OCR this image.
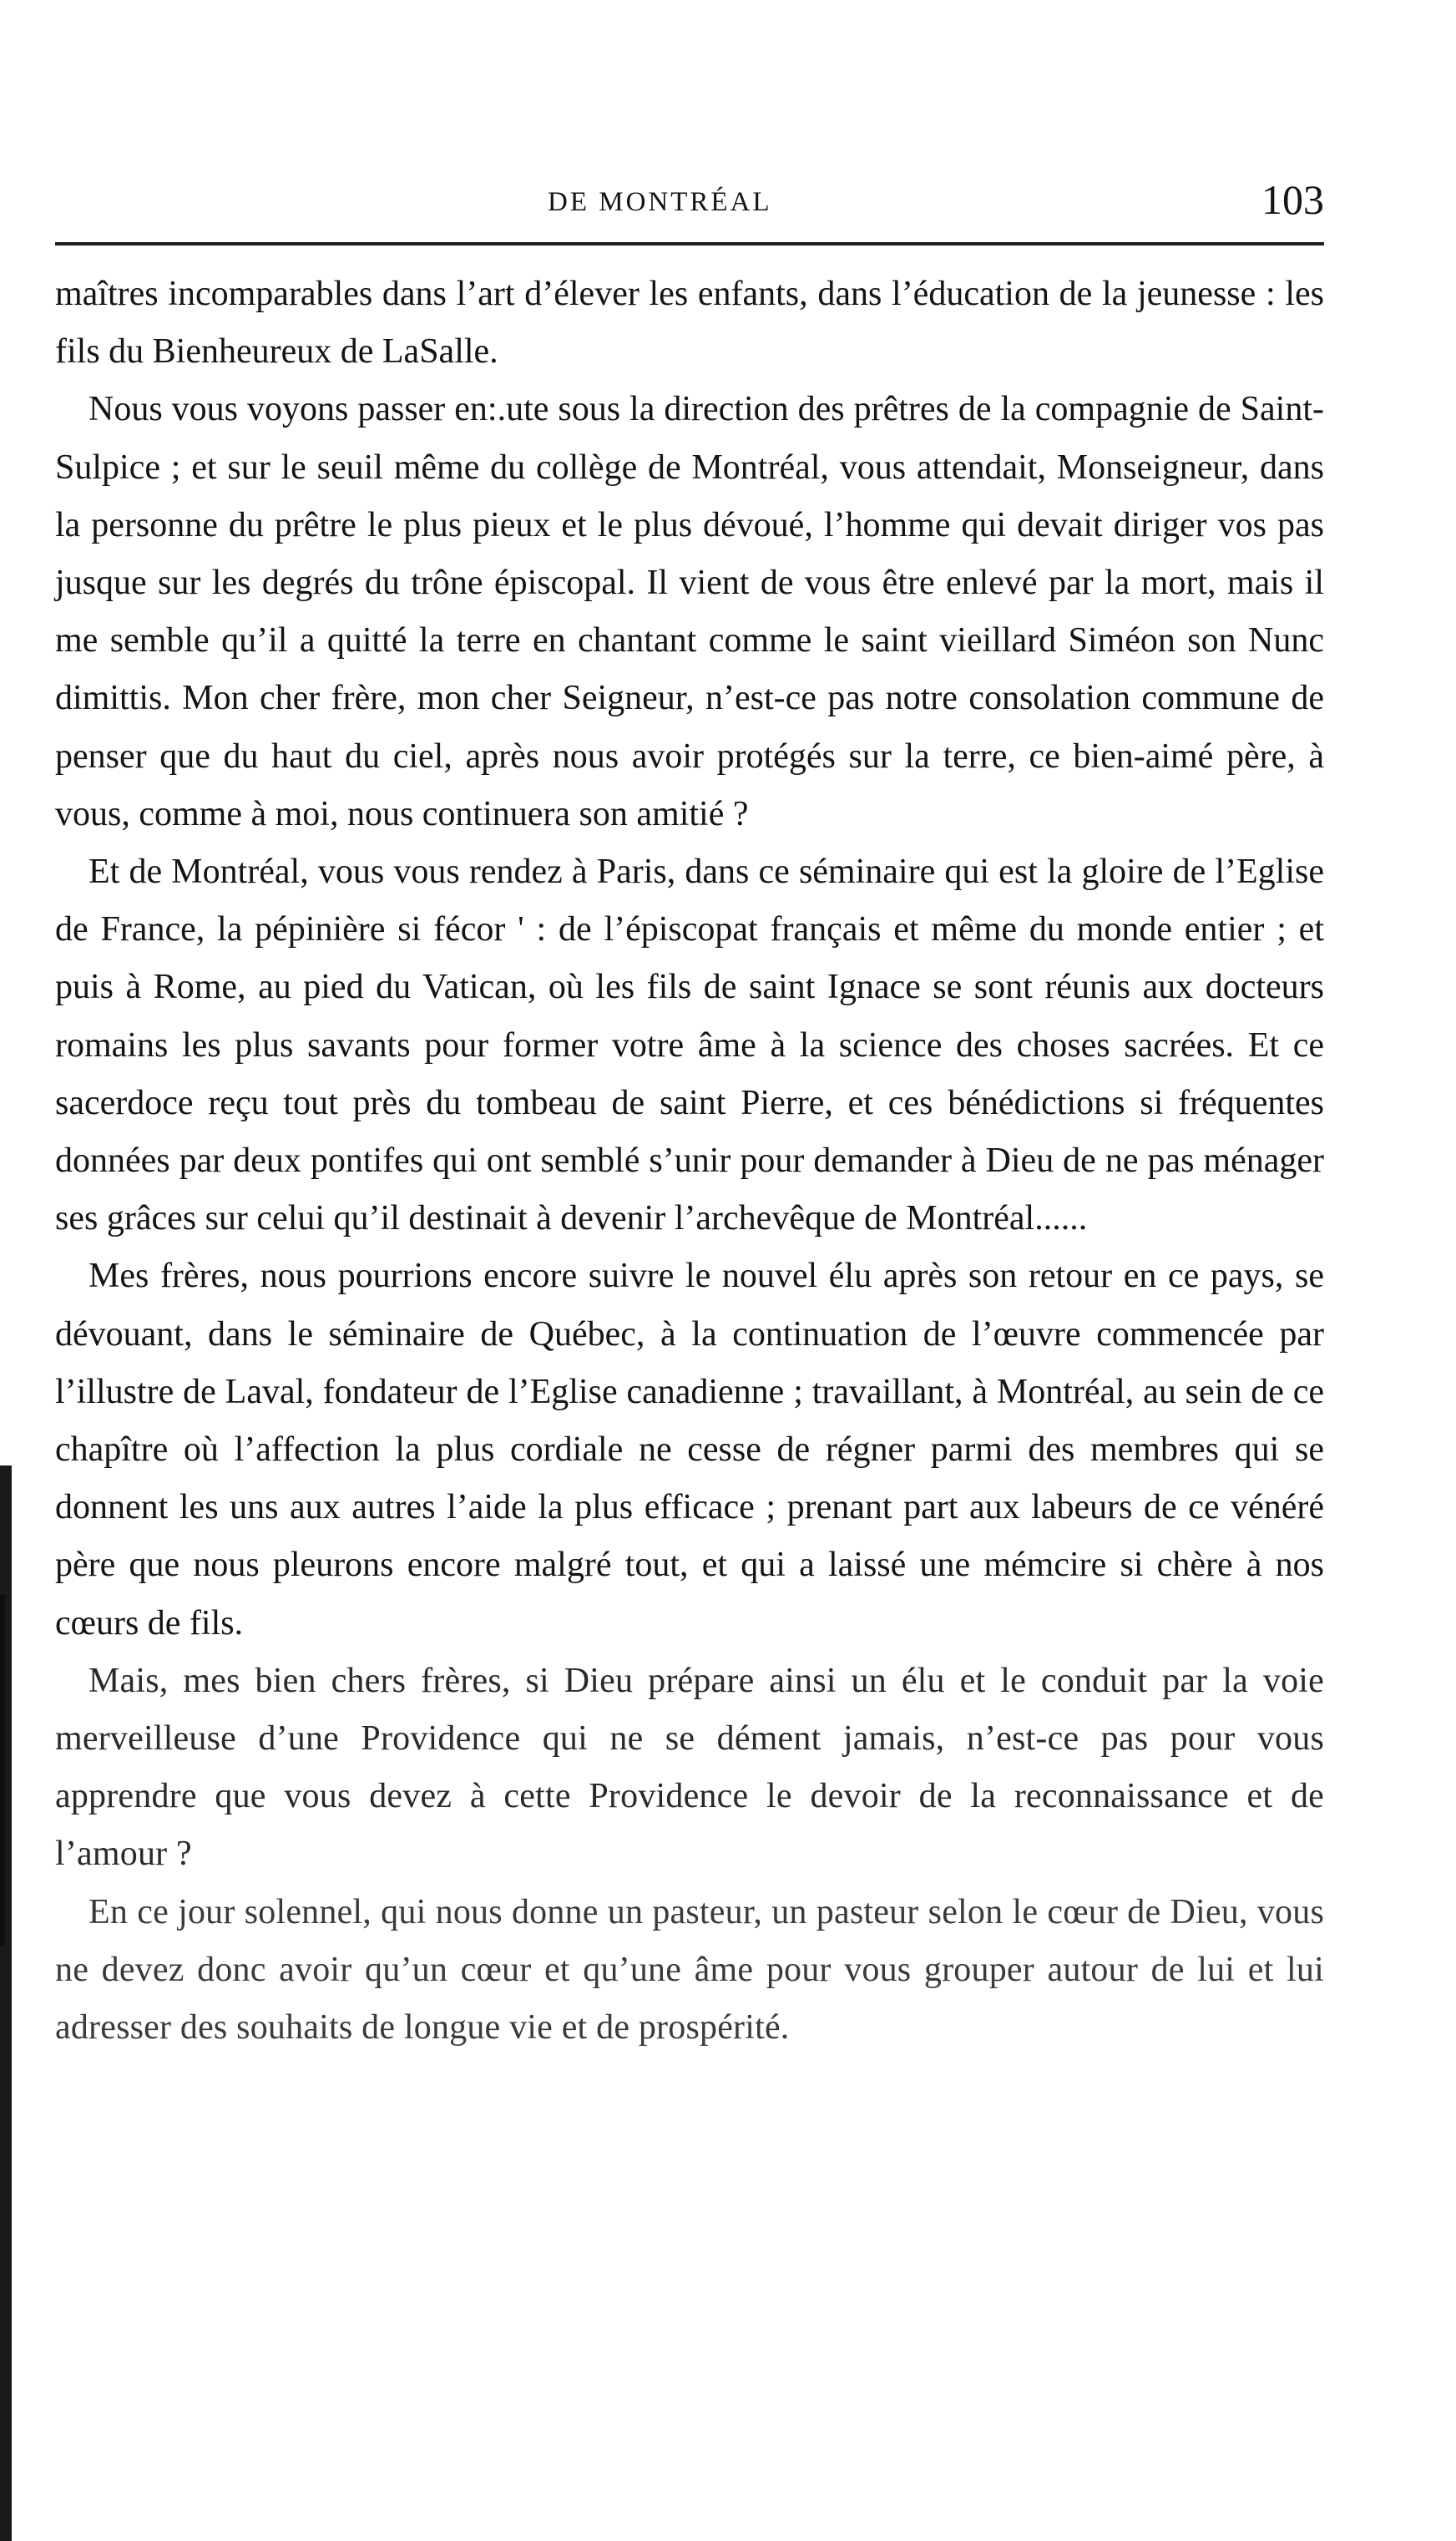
DE MONTRÉAL	103

maîtres incomparables dans l’art d’élever les enfants, dans l’éducation de la jeunesse : les fils du Bienheureux de LaSalle.

Nous vous voyons passer en:.ute sous la direction des prêtres de la compagnie de Saint-Sulpice ; et sur le seuil même du collège de Montréal, vous attendait, Monseigneur, dans la personne du prêtre le plus pieux et le plus dévoué, l’homme qui devait diriger vos pas jusque sur les degrés du trône épiscopal. Il vient de vous être enlevé par la mort, mais il me semble qu’il a quitté la terre en chantant comme le saint vieillard Siméon son Nunc dimittis. Mon cher frère, mon cher Seigneur, n’est-ce pas notre consolation commune de penser que du haut du ciel, après nous avoir protégés sur la terre, ce bien-aimé père, à vous, comme à moi, nous continuera son amitié ?

Et de Montréal, vous vous rendez à Paris, dans ce séminaire qui est la gloire de l’Eglise de France, la pépinière si fécor ' : de l’épiscopat français et même du monde entier ; et puis à Rome, au pied du Vatican, où les fils de saint Ignace se sont réunis aux docteurs romains les plus savants pour former votre âme à la science des choses sacrées. Et ce sacerdoce reçu tout près du tombeau de saint Pierre, et ces bénédictions si fréquentes données par deux pontifes qui ont semblé s’unir pour demander à Dieu de ne pas ménager ses grâces sur celui qu’il destinait à devenir l’archevêque de Montréal......

Mes frères, nous pourrions encore suivre le nouvel élu après son retour en ce pays, se dévouant, dans le séminaire de Québec, à la continuation de l’œuvre commencée par l’illustre de Laval, fondateur de l’Eglise canadienne ; travaillant, à Montréal, au sein de ce chapître où l’affection la plus cordiale ne cesse de régner parmi des membres qui se donnent les uns aux autres l’aide la plus efficace ; prenant part aux labeurs de ce vénéré père que nous pleurons encore malgré tout, et qui a laissé une mémcire si chère à nos cœurs de fils.

Mais, mes bien chers frères, si Dieu prépare ainsi un élu et le conduit par la voie merveilleuse d’une Providence qui ne se dément jamais, n’est-ce pas pour vous apprendre que vous devez à cette Providence le devoir de la reconnaissance et de l’amour ?

En ce jour solennel, qui nous donne un pasteur, un pasteur selon le cœur de Dieu, vous ne devez donc avoir qu’un cœur et qu’une âme pour vous grouper autour de lui et lui adresser des souhaits de longue vie et de prospérité.
